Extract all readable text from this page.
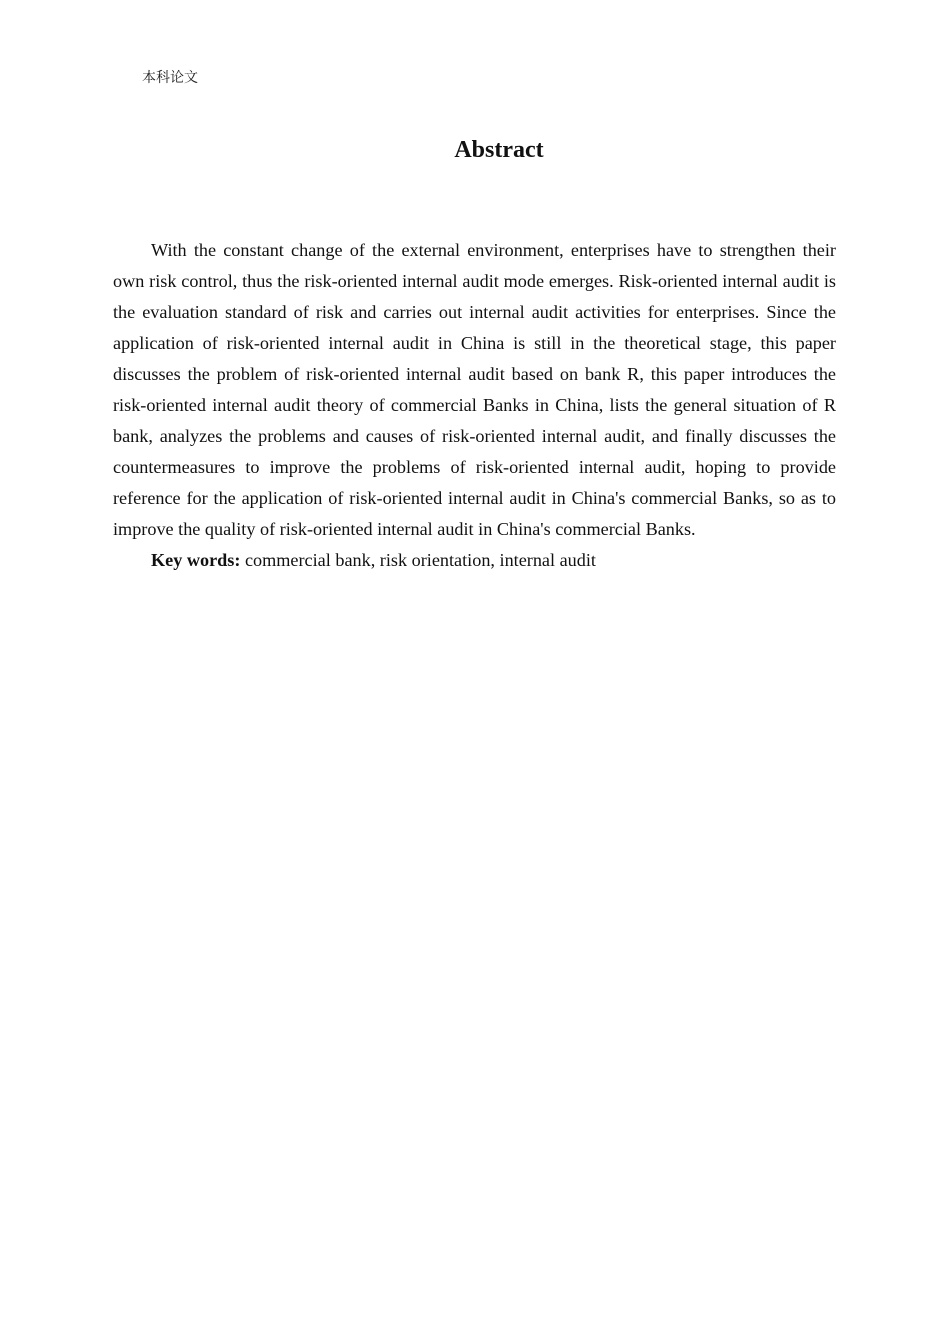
本科论文
Abstract

With the constant change of the external environment, enterprises have to strengthen their own risk control, thus the risk-oriented internal audit mode emerges. Risk-oriented internal audit is the evaluation standard of risk and carries out internal audit activities for enterprises. Since the application of risk-oriented internal audit in China is still in the theoretical stage, this paper discusses the problem of risk-oriented internal audit based on bank R, this paper introduces the risk-oriented internal audit theory of commercial Banks in China, lists the general situation of R bank, analyzes the problems and causes of risk-oriented internal audit, and finally discusses the countermeasures to improve the problems of risk-oriented internal audit, hoping to provide reference for the application of risk-oriented internal audit in China's commercial Banks, so as to improve the quality of risk-oriented internal audit in China's commercial Banks.

Key words: commercial bank, risk orientation, internal audit
